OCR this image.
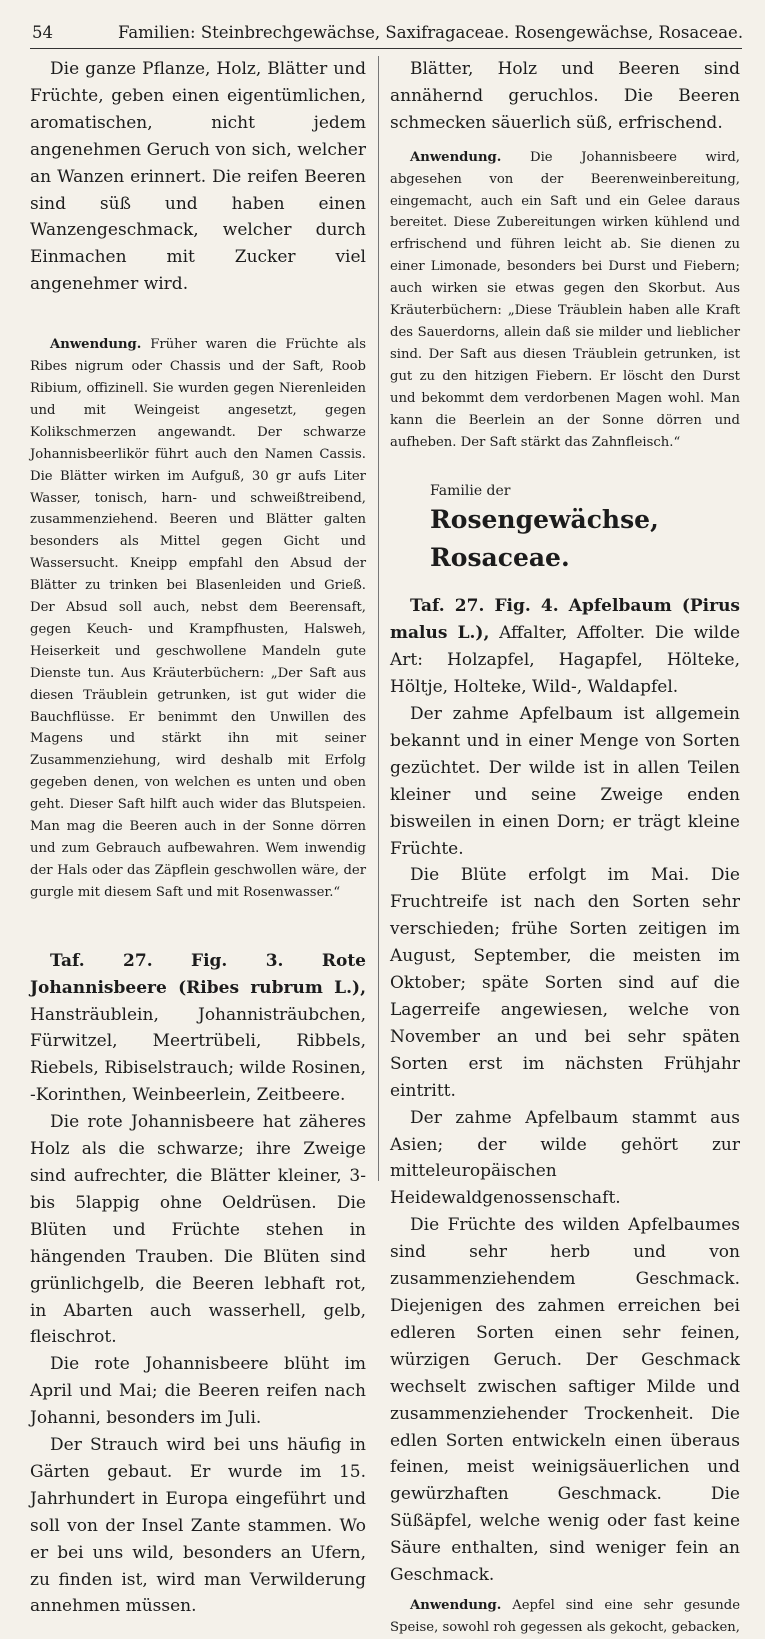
54	Familien: Steinbrechgewächse, Saxifragaceae. Rosengewächse, Rosaceae.

Die ganze Pflanze, Holz, Blätter und Früchte, geben einen eigentümlichen, aromatischen, nicht jedem angenehmen Geruch von sich, welcher an Wanzen erinnert. Die reifen Beeren sind süß und haben einen Wanzengeschmack, welcher durch Einmachen mit Zucker viel angenehmer wird.

Anwendung. Früher waren die Früchte als Ribes nigrum oder Chassis und der Saft, Roob Ribium, offizinell. Sie wurden gegen Nierenleiden und mit Weingeist angesetzt, gegen Kolikschmerzen angewandt. Der schwarze Johannisbeerlikör führt auch den Namen Cassis. Die Blätter wirken im Aufguß, 30 gr aufs Liter Wasser, tonisch, harn- und schweißtreibend, zusammenziehend. Beeren und Blätter galten besonders als Mittel gegen Gicht und Wassersucht. Kneipp empfahl den Absud der Blätter zu trinken bei Blasenleiden und Grieß. Der Absud soll auch, nebst dem Beerensaft, gegen Keuch- und Krampfhusten, Halsweh, Heiserkeit und geschwollene Mandeln gute Dienste tun. Aus Kräuterbüchern: „Der Saft aus diesen Träublein getrunken, ist gut wider die Bauchflüsse. Er benimmt den Unwillen des Magens und stärkt ihn mit seiner Zusammenziehung, wird deshalb mit Erfolg gegeben denen, von welchen es unten und oben geht. Dieser Saft hilft auch wider das Blutspeien. Man mag die Beeren auch in der Sonne dörren und zum Gebrauch aufbewahren. Wem inwendig der Hals oder das Zäpflein geschwollen wäre, der gurgle mit diesem Saft und mit Rosenwasser.“

Taf. 27. Fig. 3. Rote Johannisbeere (Ribes rubrum L.), Hansträublein, Johannisträubchen, Fürwitzel, Meertrübeli, Ribbels, Riebels, Ribiselstrauch; wilde Rosinen, -Korinthen, Weinbeerlein, Zeitbeere.

Die rote Johannisbeere hat zäheres Holz als die schwarze; ihre Zweige sind aufrechter, die Blätter kleiner, 3- bis 5lappig ohne Oeldrüsen. Die Blüten und Früchte stehen in hängenden Trauben. Die Blüten sind grünlichgelb, die Beeren lebhaft rot, in Abarten auch wasserhell, gelb, fleischrot.

Die rote Johannisbeere blüht im April und Mai; die Beeren reifen nach Johanni, besonders im Juli.

Der Strauch wird bei uns häufig in Gärten gebaut. Er wurde im 15. Jahrhundert in Europa eingeführt und soll von der Insel Zante stammen. Wo er bei uns wild, besonders an Ufern, zu finden ist, wird man Verwilderung annehmen müssen.

Blätter, Holz und Beeren sind annähernd geruchlos. Die Beeren schmecken säuerlich süß, erfrischend.

Anwendung. Die Johannisbeere wird, abgesehen von der Beerenweinbereitung, eingemacht, auch ein Saft und ein Gelee daraus bereitet. Diese Zubereitungen wirken kühlend und erfrischend und führen leicht ab. Sie dienen zu einer Limonade, besonders bei Durst und Fiebern; auch wirken sie etwas gegen den Skorbut. Aus Kräuterbüchern: „Diese Träublein haben alle Kraft des Sauerdorns, allein daß sie milder und lieblicher sind. Der Saft aus diesen Träublein getrunken, ist gut zu den hitzigen Fiebern. Er löscht den Durst und bekommt dem verdorbenen Magen wohl. Man kann die Beerlein an der Sonne dörren und aufheben. Der Saft stärkt das Zahnfleisch.“

Familie der

Rosengewächse, Rosaceae.

Taf. 27. Fig. 4. Apfelbaum (Pirus malus L.), Affalter, Affolter. Die wilde Art: Holzapfel, Hagapfel, Hölteke, Höltje, Holteke, Wild-, Waldapfel.

Der zahme Apfelbaum ist allgemein bekannt und in einer Menge von Sorten gezüchtet. Der wilde ist in allen Teilen kleiner und seine Zweige enden bisweilen in einen Dorn; er trägt kleine Früchte.

Die Blüte erfolgt im Mai. Die Fruchtreife ist nach den Sorten sehr verschieden; frühe Sorten zeitigen im August, September, die meisten im Oktober; späte Sorten sind auf die Lagerreife angewiesen, welche von November an und bei sehr späten Sorten erst im nächsten Frühjahr eintritt.

Der zahme Apfelbaum stammt aus Asien; der wilde gehört zur mitteleuropäischen Heidewaldgenossenschaft.

Die Früchte des wilden Apfelbaumes sind sehr herb und von zusammenziehendem Geschmack. Diejenigen des zahmen erreichen bei edleren Sorten einen sehr feinen, würzigen Geruch. Der Geschmack wechselt zwischen saftiger Milde und zusammenziehender Trockenheit. Die edlen Sorten entwickeln einen überaus feinen, meist weinigsäuerlichen und gewürzhaften Geschmack. Die Süßäpfel, welche wenig oder fast keine Säure enthalten, sind weniger fein an Geschmack.

Anwendung. Aepfel sind eine sehr gesunde Speise, sowohl roh gegessen als gekocht, gebacken,
